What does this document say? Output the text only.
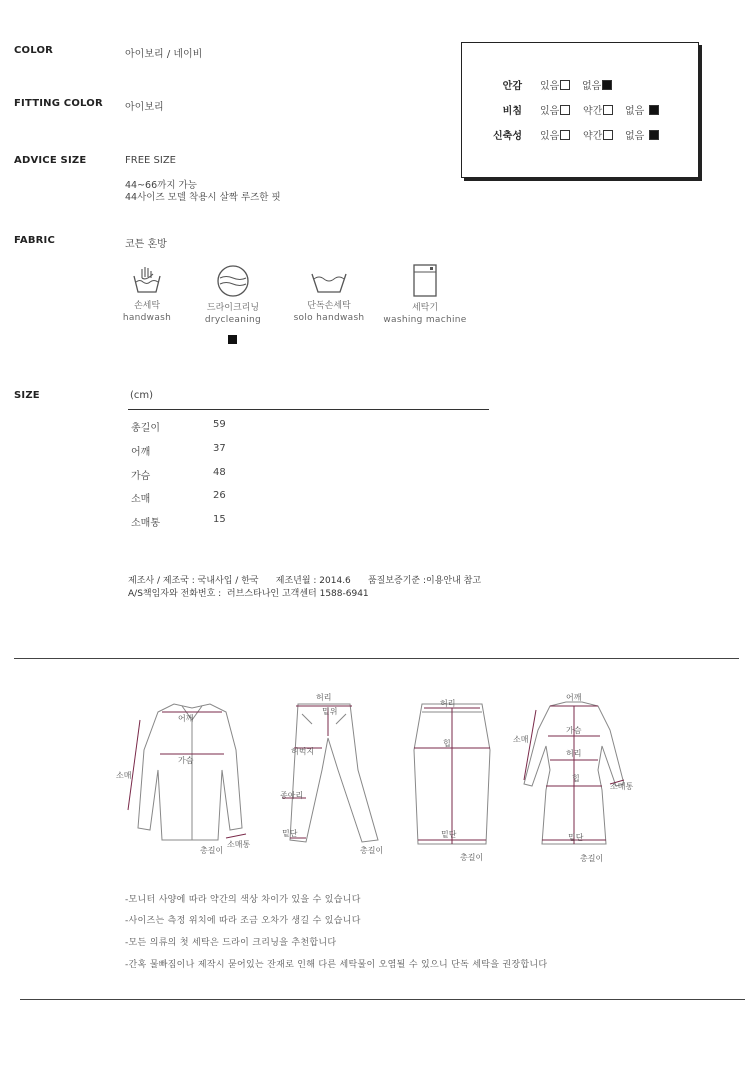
COLOR	아이보리 / 네이비
FITTING COLOR 아이보리
ADVICE SIZE	FREE SIZE
44~66까지 가능
44사이즈 모델 착용시 살짝 루즈한 핏
FABRIC	코튼 혼방
안감 있음	없음
비침 있음	약간	없음
신축성 있음	약간	없음
손세탁
handwash
드라이크리닝
drycleaning
단독손세탁
solo handwash
세탁기
washing machine
SIZE	(cm)
총길이	59
어깨	37
가슴	48
소매	26
소매통	15
제조사 / 제조국 : 국내사입 / 한국      제조년월 : 2014.6      품질보증기준 :이용안내 참고
A/S책임자와 전화번호 :  러브스타나인 고객센터 1588-6941
어깨
가슴
소매
소매통
총길이
허리
밑위
허벅지
종아리
밑단
총길이
허리
힙
밑단
총길이
어깨
가슴
허리
힙
소매
소매통
밑단
총길이
-모니터 사양에 따라 약간의 색상 차이가 있을 수 있습니다
-사이즈는 측정 위치에 따라 조금 오차가 생길 수 있습니다
-모든 의류의 첫 세탁은 드라이 크리닝을 추천합니다
-간혹 물빠짐이나 제작시 묻어있는 잔재로 인해 다른 세탁물이 오염될 수 있으니 단독 세탁을 권장합니다
